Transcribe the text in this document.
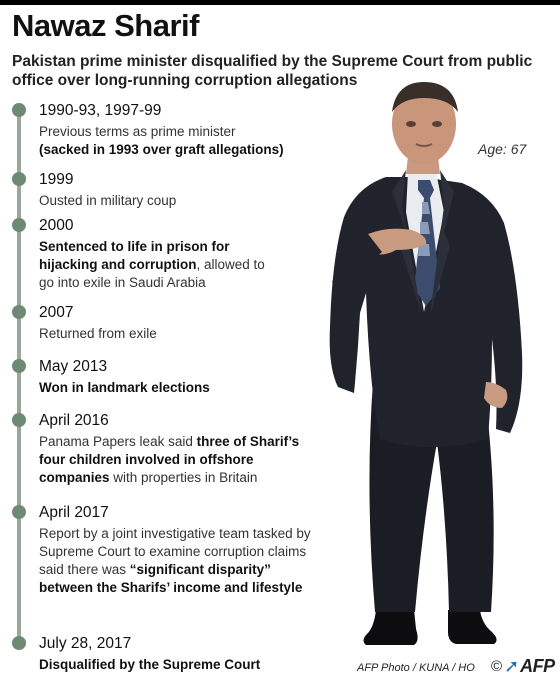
Nawaz Sharif

Pakistan prime minister disqualified by the Supreme Court from public office over long-running corruption allegations

1990-93, 1997-99
Previous terms as prime minister
(sacked in 1993 over graft allegations)
1999
Ousted in military coup
2000
Sentenced to life in prison for hijacking and corruption, allowed to go into exile in Saudi Arabia
2007
Returned from exile
May 2013
Won in landmark elections
April 2016
Panama Papers leak said three of Sharif’s four children involved in offshore companies with properties in Britain
April 2017
Report by a joint investigative team tasked by Supreme Court to examine corruption claims said there was “significant disparity” between the Sharifs’ income and lifestyle
July 28, 2017
Disqualified by the Supreme Court
Age: 67
AFP Photo / KUNA / HO © ➚ AFP
